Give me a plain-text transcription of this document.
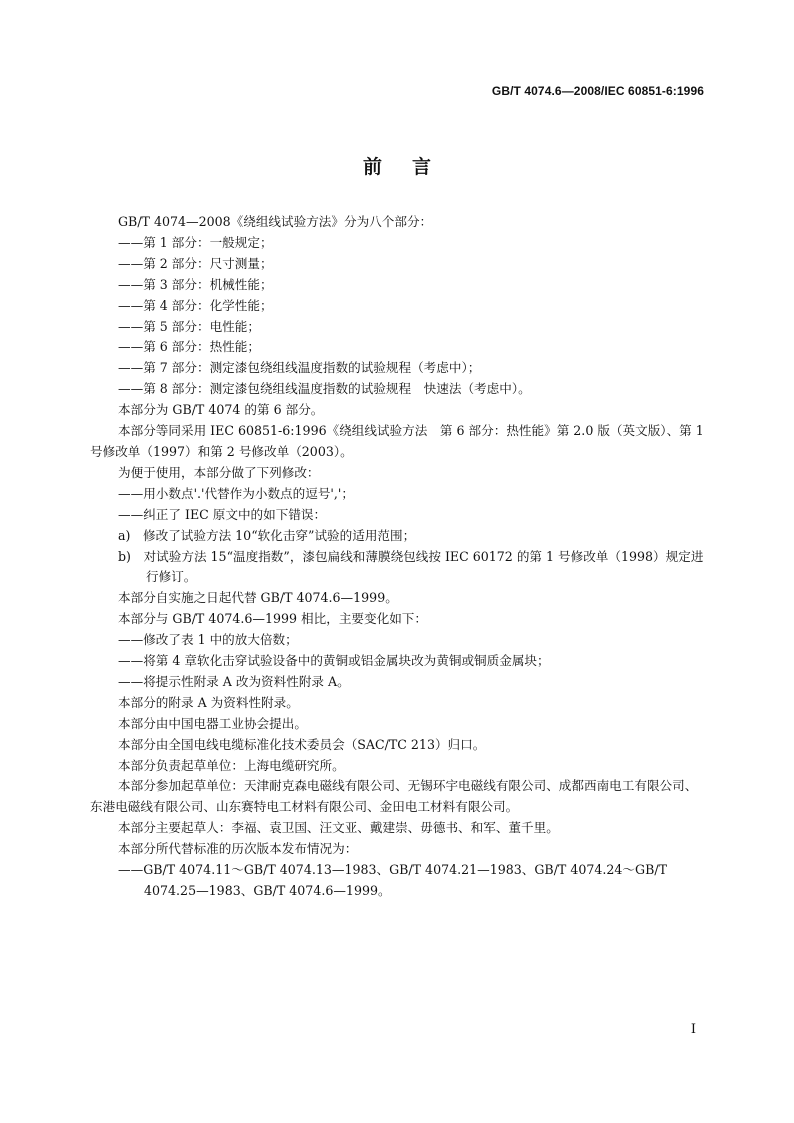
GB/T 4074.6—2008/IEC 60851-6:1996
前言

GB/T 4074—2008《绕组线试验方法》分为八个部分：

——第 1 部分：一般规定；

——第 2 部分：尺寸测量；

——第 3 部分：机械性能；

——第 4 部分：化学性能；

——第 5 部分：电性能；

——第 6 部分：热性能；

——第 7 部分：测定漆包绕组线温度指数的试验规程（考虑中）；

——第 8 部分：测定漆包绕组线温度指数的试验规程　快速法（考虑中）。

本部分为 GB/T 4074 的第 6 部分。

本部分等同采用 IEC 60851-6:1996《绕组线试验方法　第 6 部分：热性能》第 2.0 版（英文版）、第 1 号修改单（1997）和第 2 号修改单（2003）。

为便于使用，本部分做了下列修改：

——用小数点'.'代替作为小数点的逗号','；

——纠正了 IEC 原文中的如下错误：

a)　修改了试验方法 10“软化击穿”试验的适用范围；

b)　对试验方法 15“温度指数”，漆包扁线和薄膜绕包线按 IEC 60172 的第 1 号修改单（1998）规定进行修订。

本部分自实施之日起代替 GB/T 4074.6—1999。

本部分与 GB/T 4074.6—1999 相比，主要变化如下：

——修改了表 1 中的放大倍数；

——将第 4 章软化击穿试验设备中的黄铜或铝金属块改为黄铜或铜质金属块；

——将提示性附录 A 改为资料性附录 A。

本部分的附录 A 为资料性附录。

本部分由中国电器工业协会提出。

本部分由全国电线电缆标准化技术委员会（SAC/TC 213）归口。

本部分负责起草单位：上海电缆研究所。

本部分参加起草单位：天津耐克森电磁线有限公司、无锡环宇电磁线有限公司、成都西南电工有限公司、东港电磁线有限公司、山东赛特电工材料有限公司、金田电工材料有限公司。

本部分主要起草人：李福、袁卫国、汪文亚、戴建崇、毋德书、和军、董千里。

本部分所代替标准的历次版本发布情况为：

——GB/T 4074.11～GB/T 4074.13—1983、GB/T 4074.21—1983、GB/T 4074.24～GB/T 4074.25—1983、GB/T 4074.6—1999。

I
